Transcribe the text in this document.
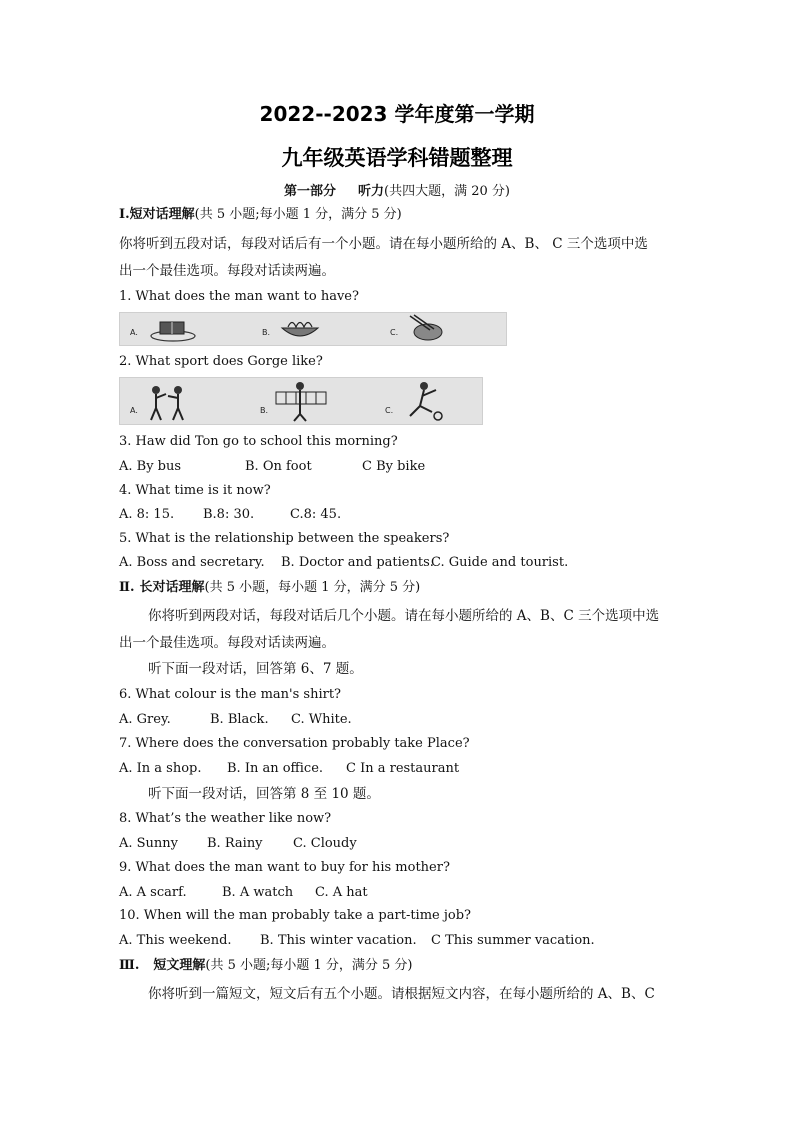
2022--2023 学年度第一学期
九年级英语学科错题整理
第一部分 听力(共四大题，满 20 分)
Ⅰ.短对话理解(共 5 小题;每小题 1 分，满分 5 分)
你将听到五段对话，每段对话后有一个小题。请在每小题所给的 A、B、 C 三个选项中选
出一个最佳选项。每段对话读两遍。
1. What does the man want to have?
A.	B.	C.
2. What sport does Gorge like?
A.	B.	C.
3. Haw did Ton go to school this morning?
A. By bus	B. On foot	C By bike
4. What time is it now?
A. 8: 15. B.8: 30.	C.8: 45.
5. What is the relationship between the speakers?
A. Boss and secretary. B. Doctor and patients.
C. Guide and tourist.
Ⅱ. 长对话理解(共 5 小题，每小题 1 分，满分 5 分)
你将听到两段对话，每段对话后几个小题。请在每小题所给的 A、B、C 三个选项中选
出一个最佳选项。每段对话读两遍。
听下面一段对话，回答第 6、7 题。
6. What colour is the man's shirt?
A. Grey.	B. Black. C. White.
7. Where does the conversation probably take Place?
A. In a shop. B. In an office. C In a restaurant
听下面一段对话，回答第 8 至 10 题。
8. What’s the weather like now?
A. Sunny B. Rainy C. Cloudy
9. What does the man want to buy for his mother?
A. A scarf.	B. A watch C. A hat
10. When will the man probably take a part-time job?
A. This weekend. B. This winter vacation. C This summer vacation.
Ⅲ. 短文理解(共 5 小题;每小题 1 分，满分 5 分)
你将听到一篇短文，短文后有五个小题。请根据短文内容，在每小题所给的 A、B、C
